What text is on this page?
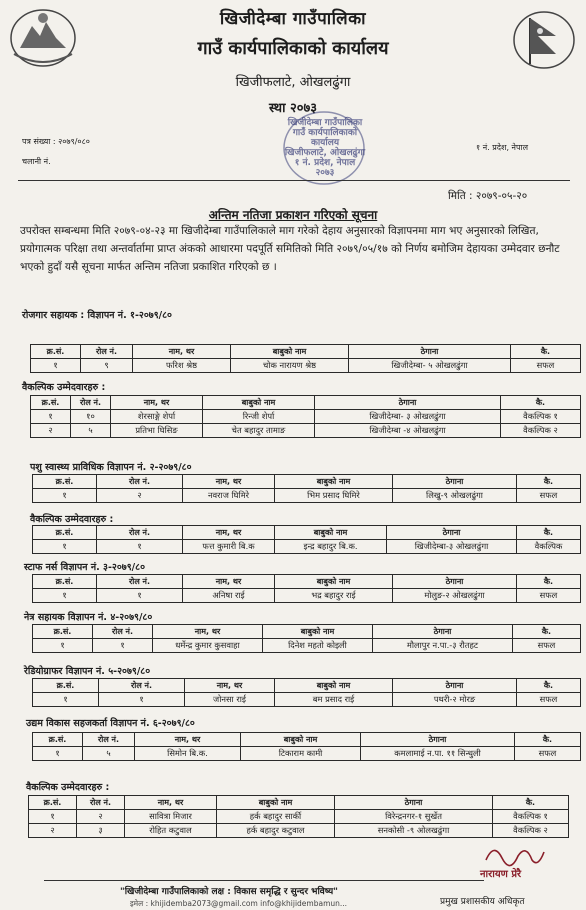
खिजीदेम्बा गाउँपालिका
गाउँ कार्यपालिकाको कार्यालय
खिजीफलाटे, ओखलढुंगा
स्था २०७३
खिजीदेम्बा गाउँपालिका
गाउँ कार्यपालिकाको कार्यालय
खिजीफलाटे, ओखलढुंगा
१ नं. प्रदेश, नेपाल
२०७३
पत्र संख्या : २०७९/०८०
चलानी नं.
१ नं. प्रदेश, नेपाल
मिति : २०७९-०५-२०
अन्तिम नतिजा प्रकाशन गरिएको सूचना
उपरोक्त सम्बन्धमा मिति २०७९-०४-२३ मा खिजीदेम्बा गाउँपालिकाले माग गरेको देहाय अनुसारको विज्ञापनमा माग भए अनुसारको लिखित, प्रयोगात्मक परिक्षा तथा अन्तर्वार्तामा प्राप्त अंकको आधारमा पदपूर्ति समितिको मिति २०७९/०५/१७ को निर्णय बमोजिम देहायका उम्मेदवार छनौट भएको हुदाँ यसै सूचना मार्फत अन्तिम नतिजा प्रकाशित गरिएको छ ।
रोजगार सहायक : विज्ञापन नं. १-२०७९/८०
क्र.सं.	रोल नं.	नाम, थर	बाबुको नाम	ठेगाना	कै.
१	९	फरिश श्रेष्ठ	चोक नारायण श्रेष्ठ	खिजीदेम्बा- ५ ओखलढुंगा	सफल
वैकल्पिक उम्मेदवारहरु :
क्र.सं.	रोल नं.	नाम, थर	बाबुको नाम	ठेगाना	कै.
१	१०	शेरसाङ्गे शेर्पा	रिन्जी शेर्पा	खिजीदेम्बा- ३ ओखलढुंगा	वैकल्पिक १
२	५	प्रतिभा घिसिङ	चेत बहादुर तामाङ	खिजीदेम्बा -४ ओखलढुंगा	वैकल्पिक २
पशु स्वास्थ्य प्राविधिक विज्ञापन नं. २-२०७९/८०
क्र.सं.	रोल नं.	नाम, थर	बाबुको नाम	ठेगाना	कै.
१	२	नवराज घिमिरे	भिम प्रसाद घिमिरे	लिखु-९ ओखलढुंगा	सफल
वैकल्पिक उम्मेदवारहरु :
क्र.सं.	रोल नं.	नाम, थर	बाबुको नाम	ठेगाना	कै.
१	१	फत्त कुमारी बि.क	इन्द्र बहादुर बि.क.	खिजीदेम्बा-३ ओखलढुंगा	वैकल्पिक
स्टाफ नर्स विज्ञापन नं. ३-२०७९/८०
क्र.सं.	रोल नं.	नाम, थर	बाबुको नाम	ठेगाना	कै.
१	१	अनिषा राई	भद्र बहादुर राई	मोलुङ-२ ओखलढुंगा	सफल
नेत्र सहायक विज्ञापन नं. ४-२०७९/८०
क्र.सं.	रोल नं.	नाम, थर	बाबुको नाम	ठेगाना	कै.
१	१	धर्मेन्द्र कुमार कुसवाहा	दिनेश महतो कोइली	मौलापुर न.पा.-३ रौतहट	सफल
रेडियोग्राफर विज्ञापन नं. ५-२०७९/८०
क्र.सं.	रोल नं.	नाम, थर	बाबुको नाम	ठेगाना	कै.
१	१	जोनसा राई	बम प्रसाद राई	पथरी-२ मोरङ	सफल
उद्यम विकास सहजकर्ता विज्ञापन नं. ६-२०७९/८०
क्र.सं.	रोल नं.	नाम, थर	बाबुको नाम	ठेगाना	कै.
१	५	सिमोन बि.क.	टिकाराम कामी	कमलामाई न.पा. ११ सिन्धुली	सफल
वैकल्पिक उम्मेदवारहरु :
क्र.सं.	रोल नं.	नाम, थर	बाबुको नाम	ठेगाना	कै.
१	२	सावित्रा मिजार	हर्क बहादुर सार्की	विरेन्द्रनगर-१ सुर्खेत	वैकल्पिक १
२	३	रोहित कटुवाल	हर्क बहादुर कटुवाल	सनकोसी -९ ओलखढुंगा	वैकल्पिक २
नारायण प्रेरै
प्रमुख प्रशासकीय अधिकृत
"खिजीदेम्बा गाउँपालिकाको लक्ष : विकास समृद्धि र सुन्दर भविष्य"
इमेल : khijidemba2073@gmail.com info@khijidembamun...
